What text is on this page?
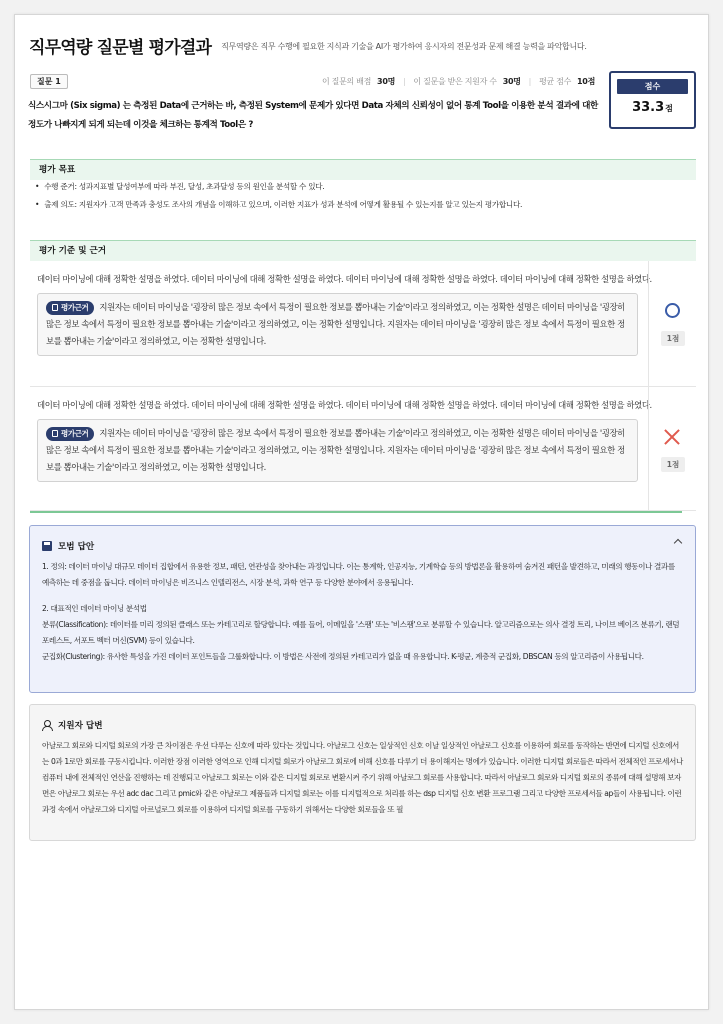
직무역량 질문별 평가결과 직무역량은 직무 수행에 필요한 지식과 기술을 AI가 평가하여 응시자의 전문성과 문제 해결 능력을 파악합니다.
질문 1	이 질문의 배점 30명 | 이 질문을 받은 지원자 수 30명 | 평균 점수 10점
식스시그마 (Six sigma) 는 측정된 Data에 근거하는 바, 측정된 System에 문제가 있다면 Data 자체의 신뢰성이 없어 통계 Tool을 이용한 분석 결과에 대한 정도가 나빠지게 되게 되는데 이것을 체크하는 통계적 Tool은 ?
점수
33.3점
평가 목표
• 수행 준거: 성과지표별 달성여부에 따라 부진, 달성, 초과달성 등의 원인을 분석할 수 있다.
• 출제 의도: 지원자가 고객 만족과 충성도 조사의 개념을 이해하고 있으며, 이러한 지표가 성과 분석에 어떻게 활용될 수 있는지를 알고 있는지 평가합니다.
평가 기준 및 근거
데이터 마이닝에 대해 정확한 설명을 하였다. 데이터 마이닝에 대해 정확한 설명을 하였다. 데이터 마이닝에 대해 정확한 설명을 하였다. 데이터 마이닝에 대해 정확한 설명을 하였다.
평가근거 지원자는 데이터 마이닝을 '굉장히 많은 정보 속에서 특정이 필요한 정보를 뽑아내는 기술'이라고 정의하였고, 이는 정확한 설명은 데이터 마이닝을 '굉장히 많은 정보 속에서 특정이 필요한 정보를 뽑아내는 기술'이라고 정의하였고, 이는 정확한 설명입니다. 지원자는 데이터 마이닝을 '굉장히 많은 정보 속에서 특정이 필요한 정보를 뽑아내는 기술'이라고 정의하였고, 이는 정확한 설명입니다.	1점
데이터 마이닝에 대해 정확한 설명을 하였다. 데이터 마이닝에 대해 정확한 설명을 하였다. 데이터 마이닝에 대해 정확한 설명을 하였다. 데이터 마이닝에 대해 정확한 설명을 하였다.
평가근거 지원자는 데이터 마이닝을 '굉장히 많은 정보 속에서 특정이 필요한 정보를 뽑아내는 기술'이라고 정의하였고, 이는 정확한 설명은 데이터 마이닝을 '굉장히 많은 정보 속에서 특정이 필요한 정보를 뽑아내는 기술'이라고 정의하였고, 이는 정확한 설명입니다. 지원자는 데이터 마이닝을 '굉장히 많은 정보 속에서 특정이 필요한 정보를 뽑아내는 기술'이라고 정의하였고, 이는 정확한 설명입니다.	1점
모범 답안

1. 정의: 데이터 마이닝 대규모 데이터 집합에서 유용한 정보, 패턴, 연관성을 찾아내는 과정입니다. 이는 통계학, 인공지능, 기계학습 등의 방법론을 활용하여 숨겨진 패턴을 발견하고, 미래의 행동이나 결과를 예측하는 데 중점을 둡니다. 데이터 마이닝은 비즈니스 인텔리전스, 시장 분석, 과학 연구 등 다양한 분야에서 응용됩니다.

2. 대표적인 데이터 마이닝 분석법

분류(Classification): 데이터를 미리 정의된 클래스 또는 카테고리로 할당합니다. 예를 들어, 이메일을 '스팸' 또는 '비스팸'으로 분류할 수 있습니다. 알고리즘으로는 의사 결정 트리, 나이브 베이즈 분류기, 랜덤 포레스트, 서포트 벡터 머신(SVM) 등이 있습니다.

군집화(Clustering): 유사한 특성을 가진 데이터 포인트들을 그룹화합니다. 이 방법은 사전에 정의된 카테고리가 없을 때 유용합니다. K-평균, 계층적 군집화, DBSCAN 등의 알고리즘이 사용됩니다.

지원자 답변

아날로그 회로와 디지털 회로의 가장 큰 차이점은 우선 다루는 신호에 따라 있다는 것입니다. 아날로그 신호는 일상적인 신호 이날 일상적인 아날로그 신호를 이용하여 회로를 동작하는 반면에 디지털 신호에서는 0과 1로만 회로를 구동시킵니다. 이러한 장점 이러한 영역으로 인해 디지털 회로가 아날로그 회로에 비해 신호를 다루기 더 용이해지는 명에가 있습니다. 이러한 디지털 회로들은 따라서 전체적인 프로세서나 컴퓨터 내에 전체적인 연산을 진행하는 데 진행되고 아날로그 회로는 이와 같은 디지털 회로로 변환시켜 주기 위해 아날로그 회로를 사용합니다. 따라서 아날로그 회로와 디지털 회로의 종류에 대해 설명해 보자면은 아날로그 회로는 우선 adc dac 그리고 pmic와 같은 아날로그 제품들과 디지털 회로는 이를 디지털적으로 처리를 하는 dsp 디지털 신호 변환 프로그램 그리고 다양한 프로세서들 ap들이 사용됩니다. 이런 과정 속에서 아날로그와 디지털 아르널로그 회로를 이용하여 디지털 회로를 구동하기 위해서는 다양한 회로들을 또 필
